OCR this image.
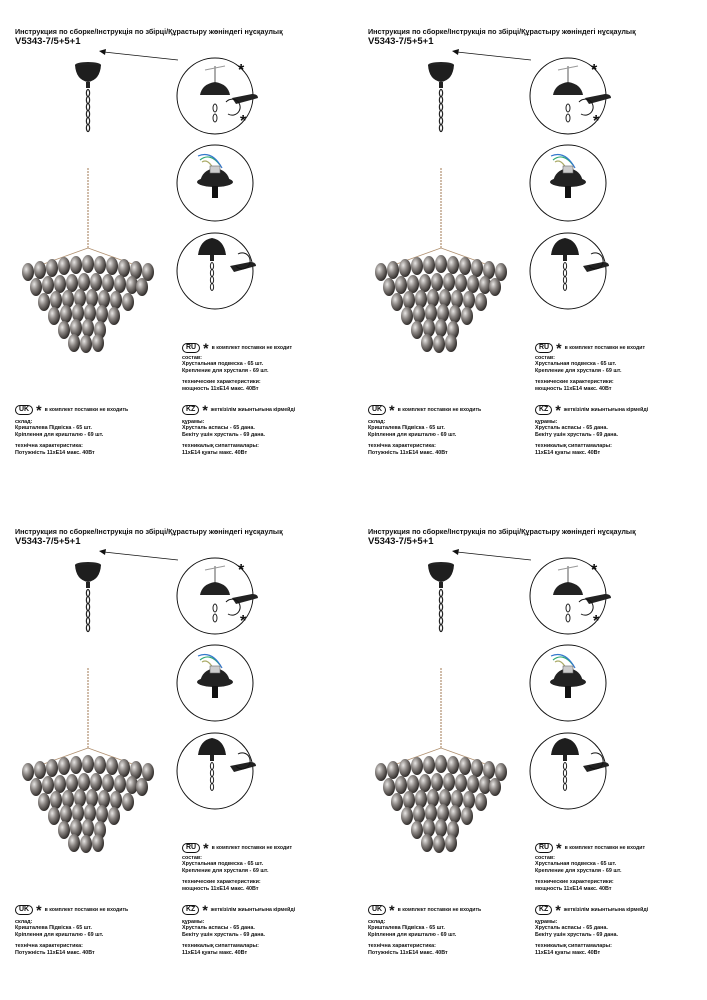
Инструкция по сборке/Інструкція по збірці/Құрастыру жөніндегі нұсқаулық
V5343-7/5+5+1
*
*
RU * в комплект поставки не входит
состав:
Хрустальная подвеска - 65 шт.
Крепление для хрусталя - 69 шт.
технические характеристики:
мощность 11хE14 макс. 40Вт
UK * в комплект поставки не входить
склад:
Кришталева Підвіска - 65 шт.
Кріплення для кришталю - 69 шт.
технічна характеристика:
Потужність 11хE14 макс. 40Вт
KZ * жеткізілім жиынтығына кірмейді
құрамы:
Хрусталь аспасы - 65 дана.
Бекіту үшін хрусталь - 69 дана.
техникалық сипаттамалары:
11хE14 қуаты макс. 40Вт
Инструкция по сборке/Інструкція по збірці/Құрастыру жөніндегі нұсқаулық
V5343-7/5+5+1
*
*
RU * в комплект поставки не входит
состав:
Хрустальная подвеска - 65 шт.
Крепление для хрусталя - 69 шт.
технические характеристики:
мощность 11хE14 макс. 40Вт
UK * в комплект поставки не входить
склад:
Кришталева Підвіска - 65 шт.
Кріплення для кришталю - 69 шт.
технічна характеристика:
Потужність 11хE14 макс. 40Вт
KZ * жеткізілім жиынтығына кірмейді
құрамы:
Хрусталь аспасы - 65 дана.
Бекіту үшін хрусталь - 69 дана.
техникалық сипаттамалары:
11хE14 қуаты макс. 40Вт
Инструкция по сборке/Інструкція по збірці/Құрастыру жөніндегі нұсқаулық
V5343-7/5+5+1
*
*
RU * в комплект поставки не входит
состав:
Хрустальная подвеска - 65 шт.
Крепление для хрусталя - 69 шт.
технические характеристики:
мощность 11хE14 макс. 40Вт
UK * в комплект поставки не входить
склад:
Кришталева Підвіска - 65 шт.
Кріплення для кришталю - 69 шт.
технічна характеристика:
Потужність 11хE14 макс. 40Вт
KZ * жеткізілім жиынтығына кірмейді
құрамы:
Хрусталь аспасы - 65 дана.
Бекіту үшін хрусталь - 69 дана.
техникалық сипаттамалары:
11хE14 қуаты макс. 40Вт
Инструкция по сборке/Інструкція по збірці/Құрастыру жөніндегі нұсқаулық
V5343-7/5+5+1
*
*
RU * в комплект поставки не входит
состав:
Хрустальная подвеска - 65 шт.
Крепление для хрусталя - 69 шт.
технические характеристики:
мощность 11хE14 макс. 40Вт
UK * в комплект поставки не входить
склад:
Кришталева Підвіска - 65 шт.
Кріплення для кришталю - 69 шт.
технічна характеристика:
Потужність 11хE14 макс. 40Вт
KZ * жеткізілім жиынтығына кірмейді
құрамы:
Хрусталь аспасы - 65 дана.
Бекіту үшін хрусталь - 69 дана.
техникалық сипаттамалары:
11хE14 қуаты макс. 40Вт
